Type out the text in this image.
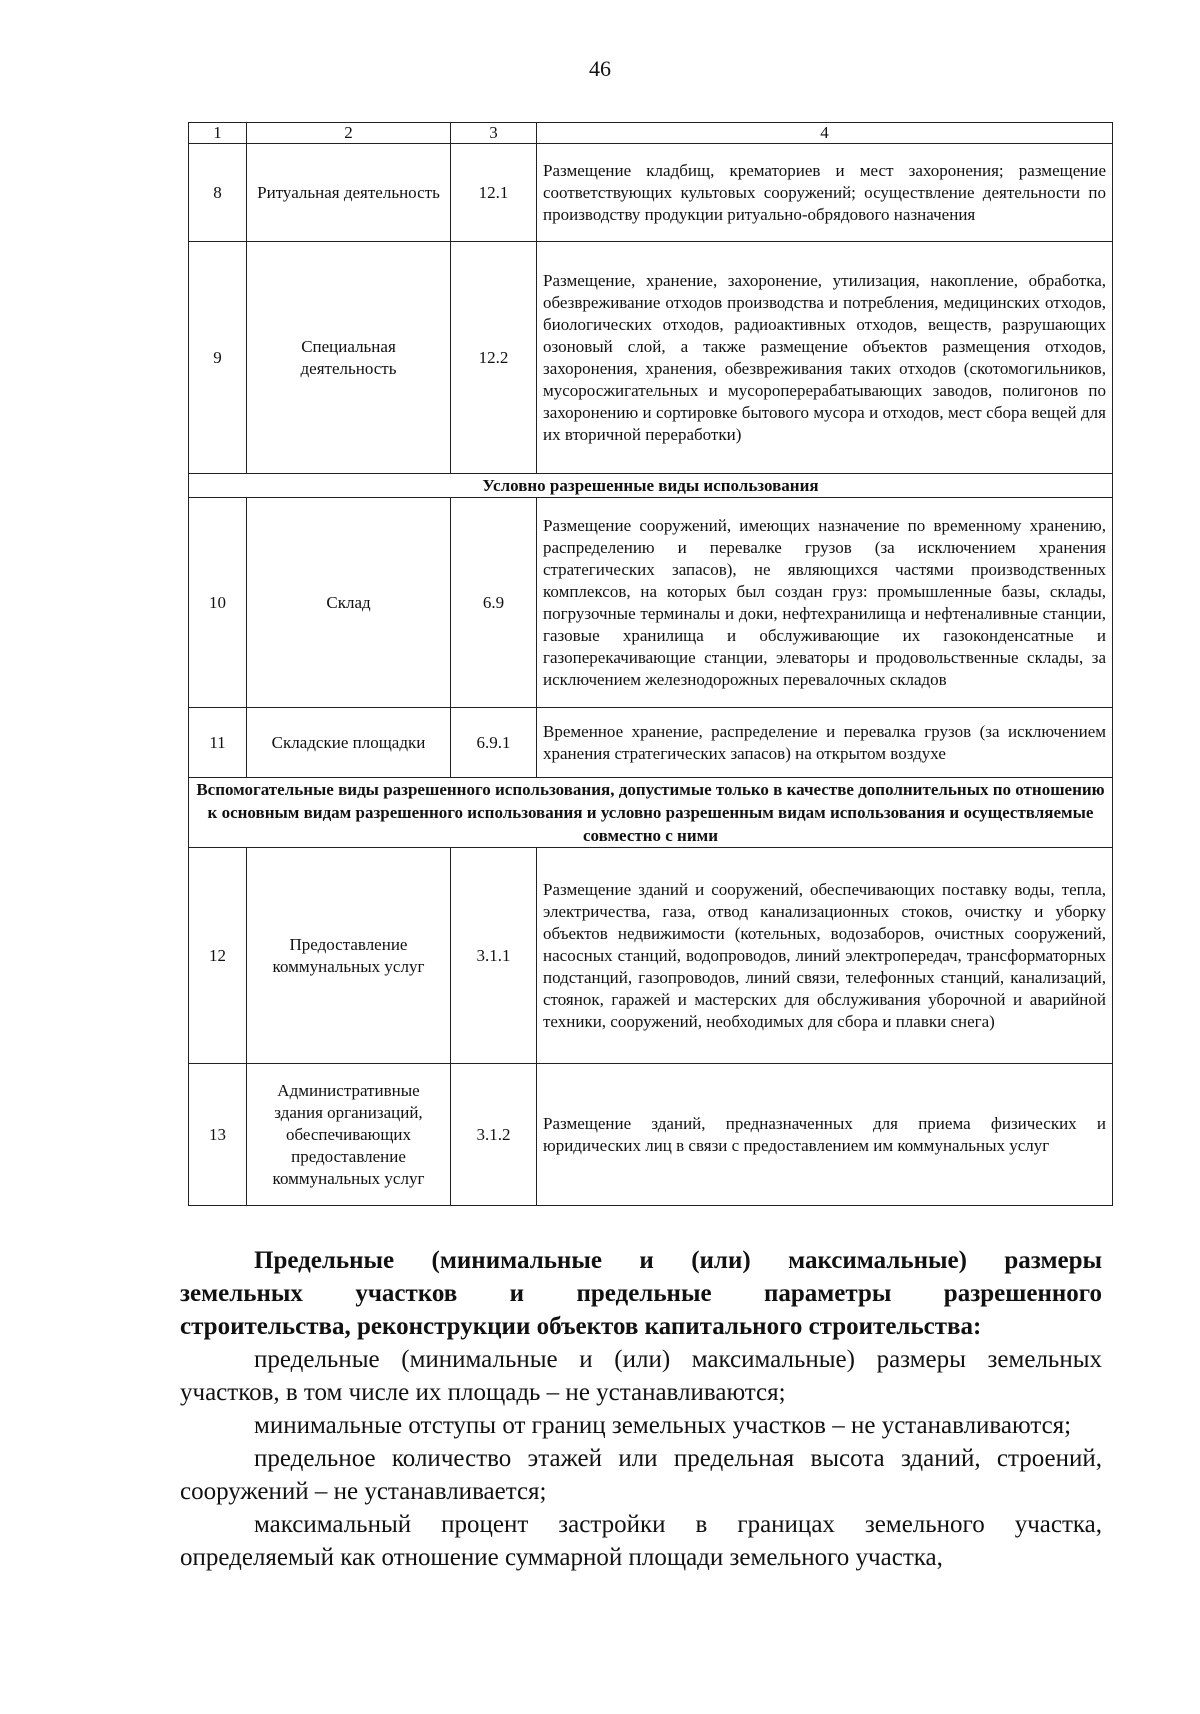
46
1	2	3	4
8	Ритуальная деятельность	12.1	Размещение кладбищ, крематориев и мест захоронения; размещение соответствующих культовых сооружений; осуществление деятельности по производству продукции ритуально-обрядового назначения
9	Специальная деятельность	12.2	Размещение, хранение, захоронение, утилизация, накопление, обработка, обезвреживание отходов производства и потребления, медицинских отходов, биологических отходов, радиоактивных отходов, веществ, разрушающих озоновый слой, а также размещение объектов размещения отходов, захоронения, хранения, обезвреживания таких отходов (скотомогильников, мусоросжигательных и мусороперерабатывающих заводов, полигонов по захоронению и сортировке бытового мусора и отходов, мест сбора вещей для их вторичной переработки)
Условно разрешенные виды использования			
10	Склад	6.9	Размещение сооружений, имеющих назначение по временному хранению, распределению и перевалке грузов (за исключением хранения стратегических запасов), не являющихся частями производственных комплексов, на которых был создан груз: промышленные базы, склады, погрузочные терминалы и доки, нефтехранилища и нефтеналивные станции, газовые хранилища и обслуживающие их газоконденсатные и газоперекачивающие станции, элеваторы и продовольственные склады, за исключением железнодорожных перевалочных складов
11	Складские площадки	6.9.1	Временное хранение, распределение и перевалка грузов (за исключением хранения стратегических запасов) на открытом воздухе
Вспомогательные виды разрешенного использования, допустимые только в качестве дополнительных по отношению к основным видам разрешенного использования и условно разрешенным видам использования и осуществляемые совместно с ними			
12	Предоставление коммунальных услуг	3.1.1	Размещение зданий и сооружений, обеспечивающих поставку воды, тепла, электричества, газа, отвод канализационных стоков, очистку и уборку объектов недвижимости (котельных, водозаборов, очистных сооружений, насосных станций, водопроводов, линий электропередач, трансформаторных подстанций, газопроводов, линий связи, телефонных станций, канализаций, стоянок, гаражей и мастерских для обслуживания уборочной и аварийной техники, сооружений, необходимых для сбора и плавки снега)
13	Административные здания организаций, обеспечивающих предоставление коммунальных услуг	3.1.2	Размещение зданий, предназначенных для приема физических и юридических лиц в связи с предоставлением им коммунальных услуг

Предельные (минимальные и (или) максимальные) размеры

земельных участков и предельные параметры разрешенного

строительства, реконструкции объектов капитального строительства:

предельные (минимальные и (или) максимальные) размеры земельных участков, в том числе их площадь – не устанавливаются;

минимальные отступы от границ земельных участков – не устанавливаются;

предельное количество этажей или предельная высота зданий, строений, сооружений – не устанавливается;

максимальный процент застройки в границах земельного участка, определяемый как отношение суммарной площади земельного участка,
